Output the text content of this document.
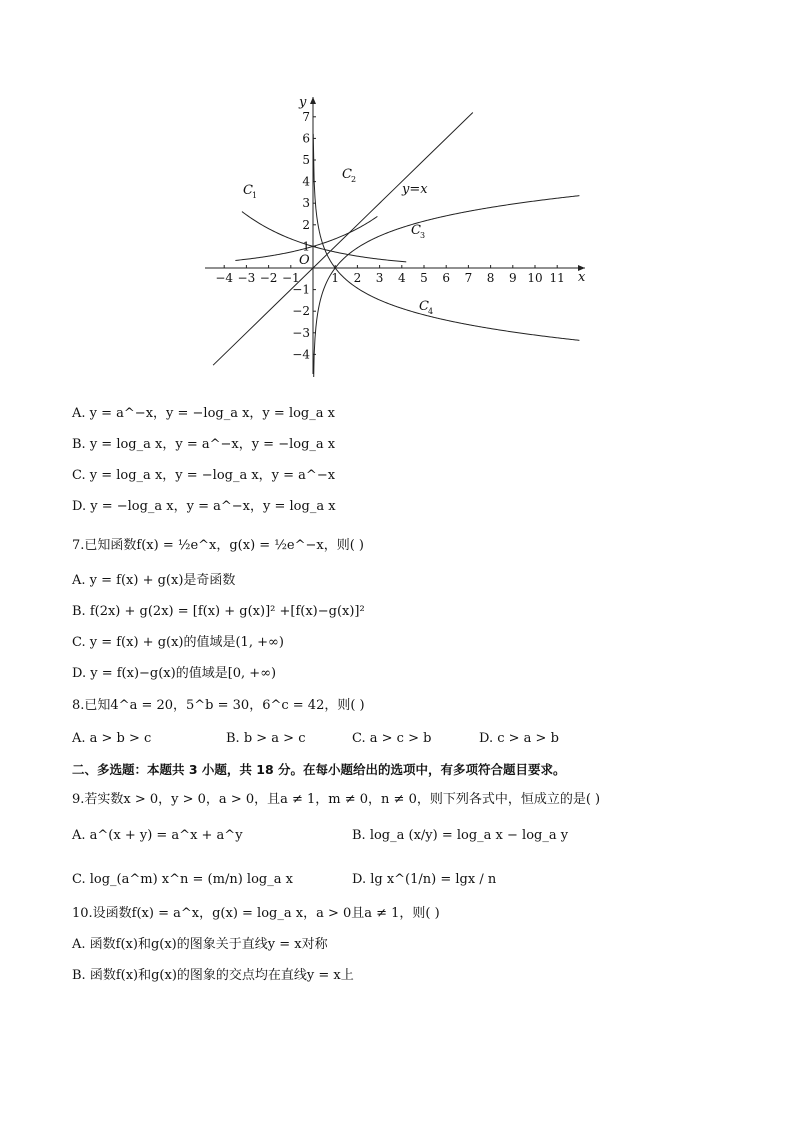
−4 −3 −2 −1	1 2 3 4 5 6 7 8 9 10 11
7
6
5
4
3
2
1
−1
−2
−3
−4
x
y
O
C 1
C 2
C 3
C 4
y=x
A. y = a^−x，y = −log_a x，y = log_a x
B. y = log_a x，y = a^−x，y = −log_a x
C. y = log_a x，y = −log_a x，y = a^−x
D. y = −log_a x，y = a^−x，y = log_a x
7.已知函数f(x) = ½e^x，g(x) = ½e^−x，则( )
A. y = f(x) + g(x)是奇函数
B. f(2x) + g(2x) = [f(x) + g(x)]² +[f(x)−g(x)]²
C. y = f(x) + g(x)的值域是(1, +∞)
D. y = f(x)−g(x)的值域是[0, +∞)
8.已知4^a = 20，5^b = 30，6^c = 42，则( )
A. a > b > c	B. b > a > c	C. a > c > b	D. c > a > b
二、多选题：本题共 3 小题，共 18 分。在每小题给出的选项中，有多项符合题目要求。
9.若实数x > 0，y > 0，a > 0，且a ≠ 1，m ≠ 0，n ≠ 0，则下列各式中，恒成立的是( )
A. a^(x + y) = a^x + a^y	B. log_a (x/y) = log_a x − log_a y
C. log_(a^m) x^n = (m/n) log_a x	D. lg x^(1/n) = lgx / n
10.设函数f(x) = a^x，g(x) = log_a x，a > 0且a ≠ 1，则( )
A. 函数f(x)和g(x)的图象关于直线y = x对称
B. 函数f(x)和g(x)的图象的交点均在直线y = x上
